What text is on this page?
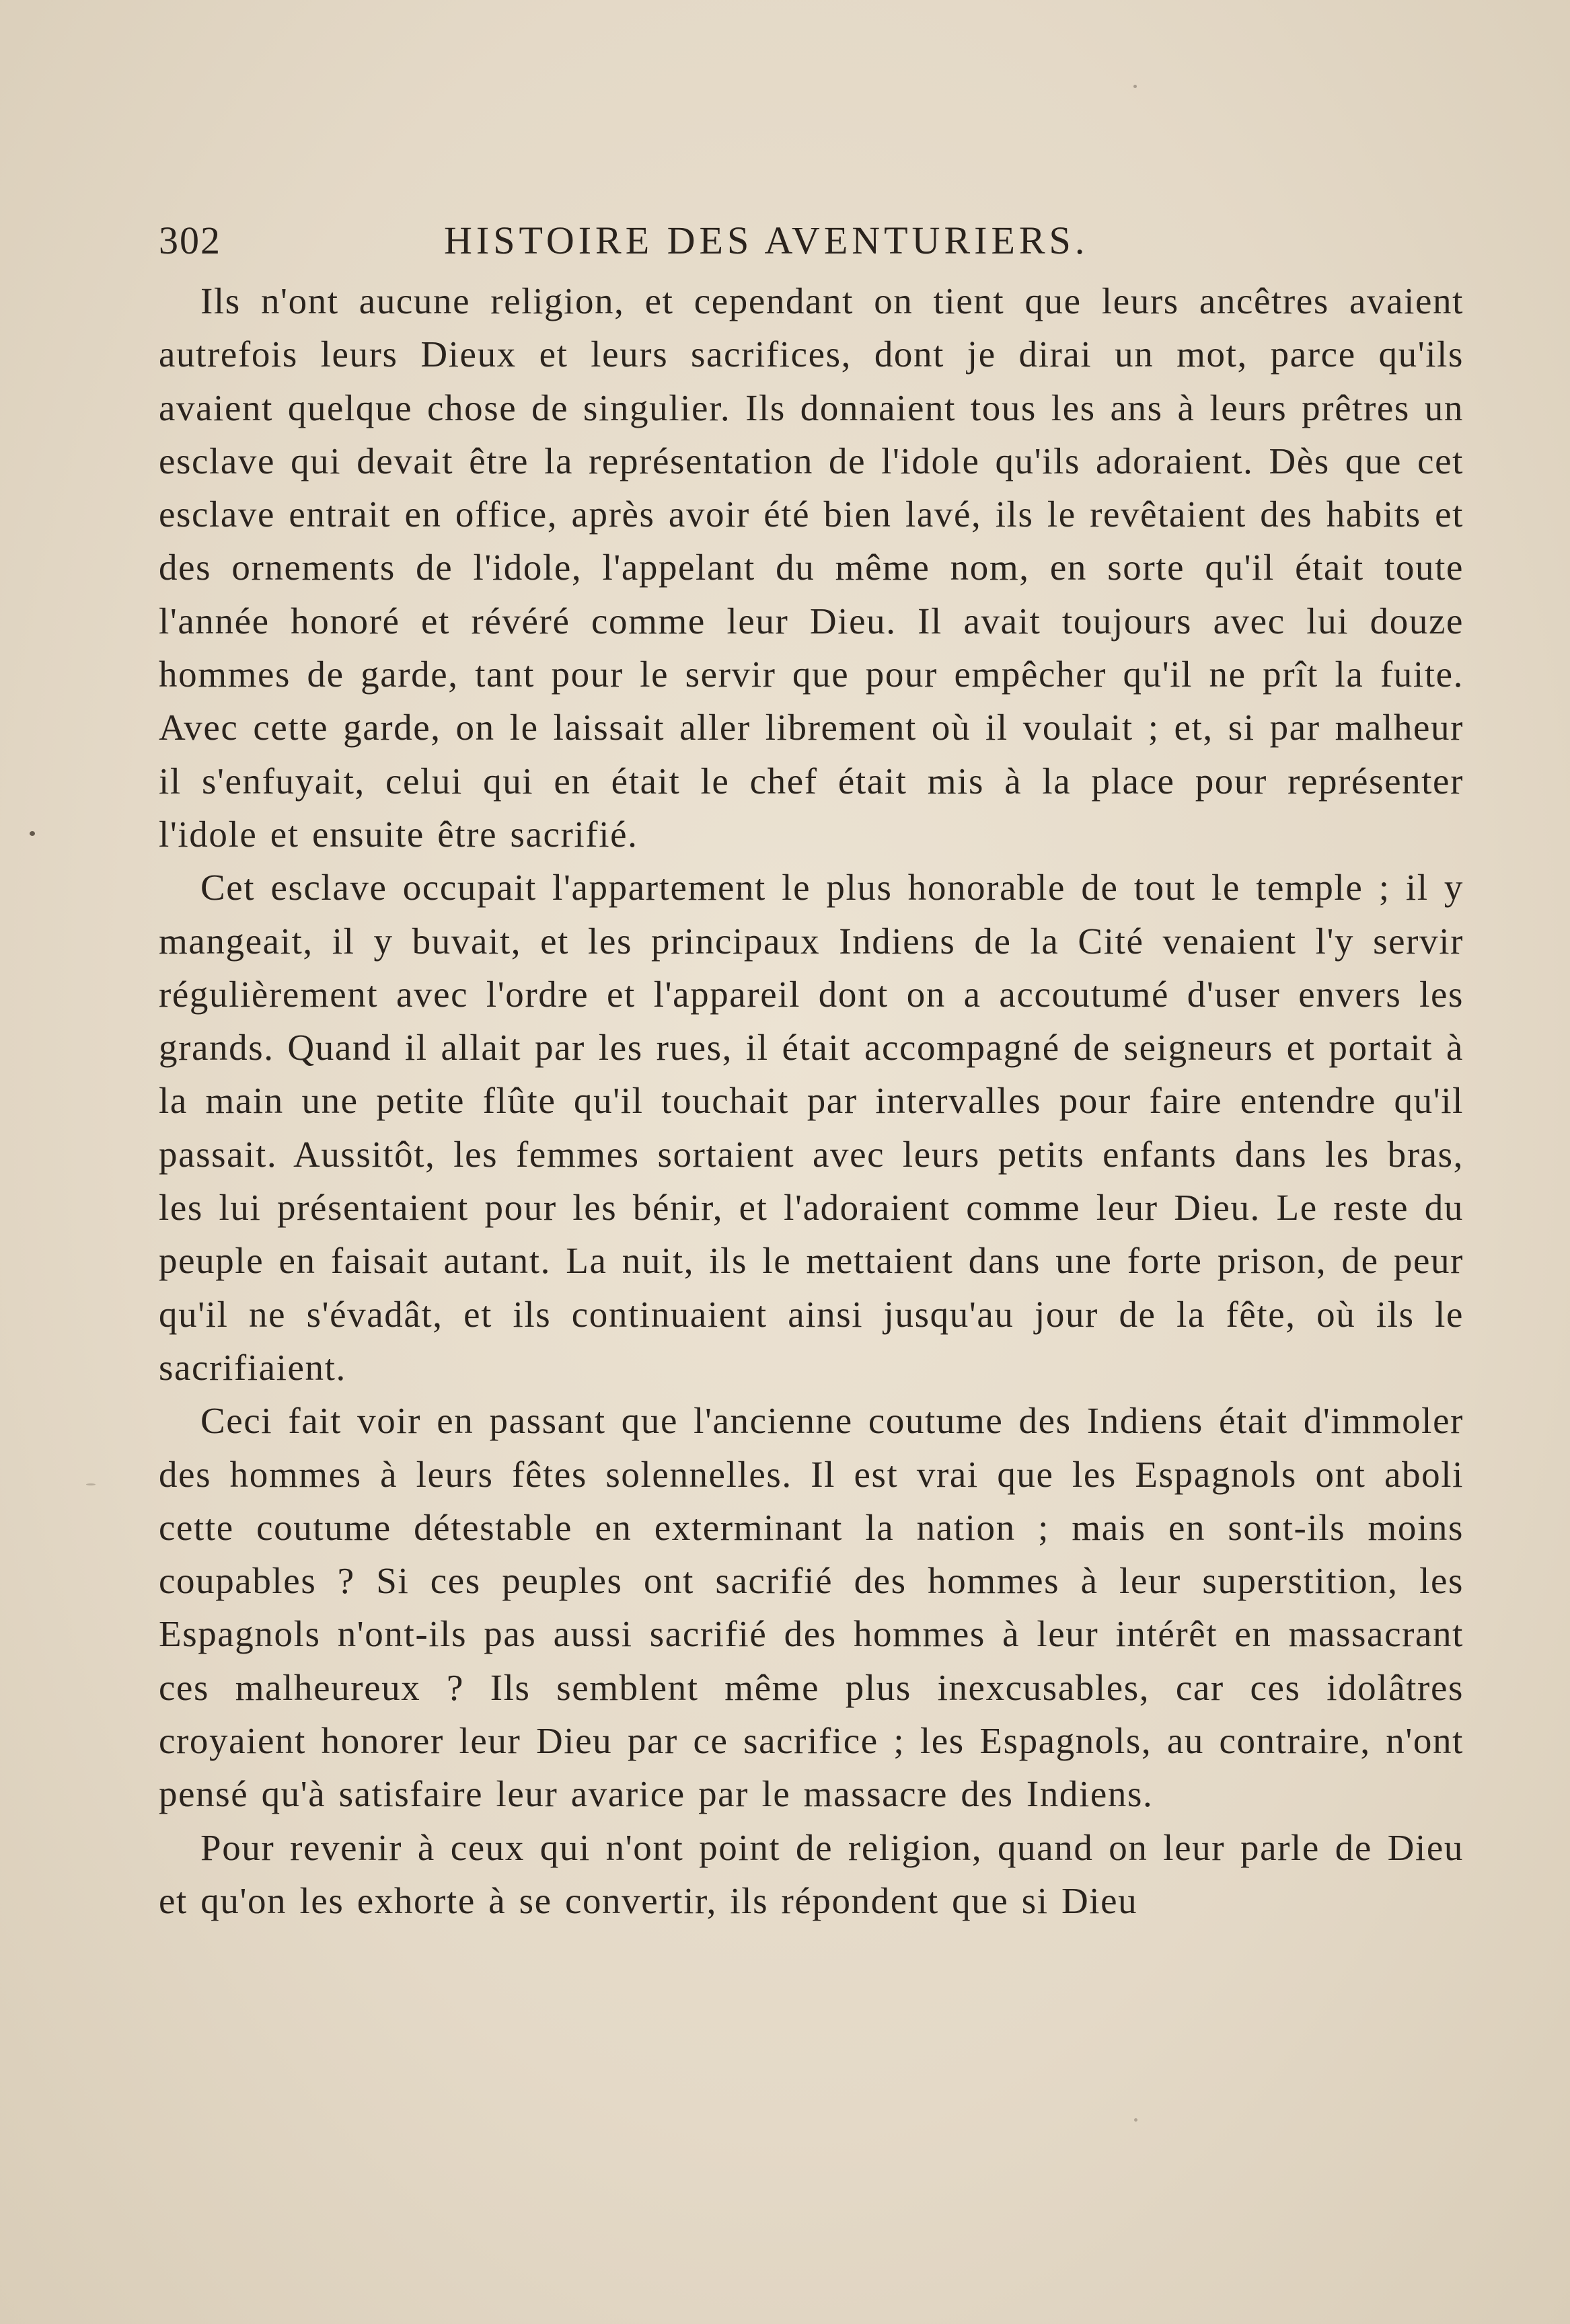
302	HISTOIRE DES AVENTURIERS.

Ils n'ont aucune religion, et cependant on tient que leurs ancêtres avaient autrefois leurs Dieux et leurs sacrifices, dont je dirai un mot, parce qu'ils avaient quelque chose de singulier. Ils donnaient tous les ans à leurs prêtres un esclave qui devait être la représentation de l'idole qu'ils adoraient. Dès que cet esclave entrait en office, après avoir été bien lavé, ils le revêtaient des habits et des ornements de l'idole, l'appelant du même nom, en sorte qu'il était toute l'année honoré et révéré comme leur Dieu. Il avait toujours avec lui douze hommes de garde, tant pour le servir que pour empêcher qu'il ne prît la fuite. Avec cette garde, on le laissait aller librement où il voulait ; et, si par malheur il s'enfuyait, celui qui en était le chef était mis à la place pour représenter l'idole et ensuite être sacrifié.

Cet esclave occupait l'appartement le plus honorable de tout le temple ; il y mangeait, il y buvait, et les principaux Indiens de la Cité venaient l'y servir régulièrement avec l'ordre et l'appareil dont on a accoutumé d'user envers les grands. Quand il allait par les rues, il était accompagné de seigneurs et portait à la main une petite flûte qu'il touchait par intervalles pour faire entendre qu'il passait. Aussitôt, les femmes sortaient avec leurs petits enfants dans les bras, les lui présentaient pour les bénir, et l'adoraient comme leur Dieu. Le reste du peuple en faisait autant. La nuit, ils le mettaient dans une forte prison, de peur qu'il ne s'évadât, et ils continuaient ainsi jusqu'au jour de la fête, où ils le sacrifiaient.

Ceci fait voir en passant que l'ancienne coutume des Indiens était d'immoler des hommes à leurs fêtes solennelles. Il est vrai que les Espagnols ont aboli cette coutume détestable en exterminant la nation ; mais en sont-ils moins coupables ? Si ces peuples ont sacrifié des hommes à leur superstition, les Espagnols n'ont-ils pas aussi sacrifié des hommes à leur intérêt en massacrant ces malheureux ? Ils semblent même plus inexcusables, car ces idolâtres croyaient honorer leur Dieu par ce sacrifice ; les Espagnols, au contraire, n'ont pensé qu'à satisfaire leur avarice par le massacre des Indiens.

Pour revenir à ceux qui n'ont point de religion, quand on leur parle de Dieu et qu'on les exhorte à se convertir, ils répondent que si Dieu
